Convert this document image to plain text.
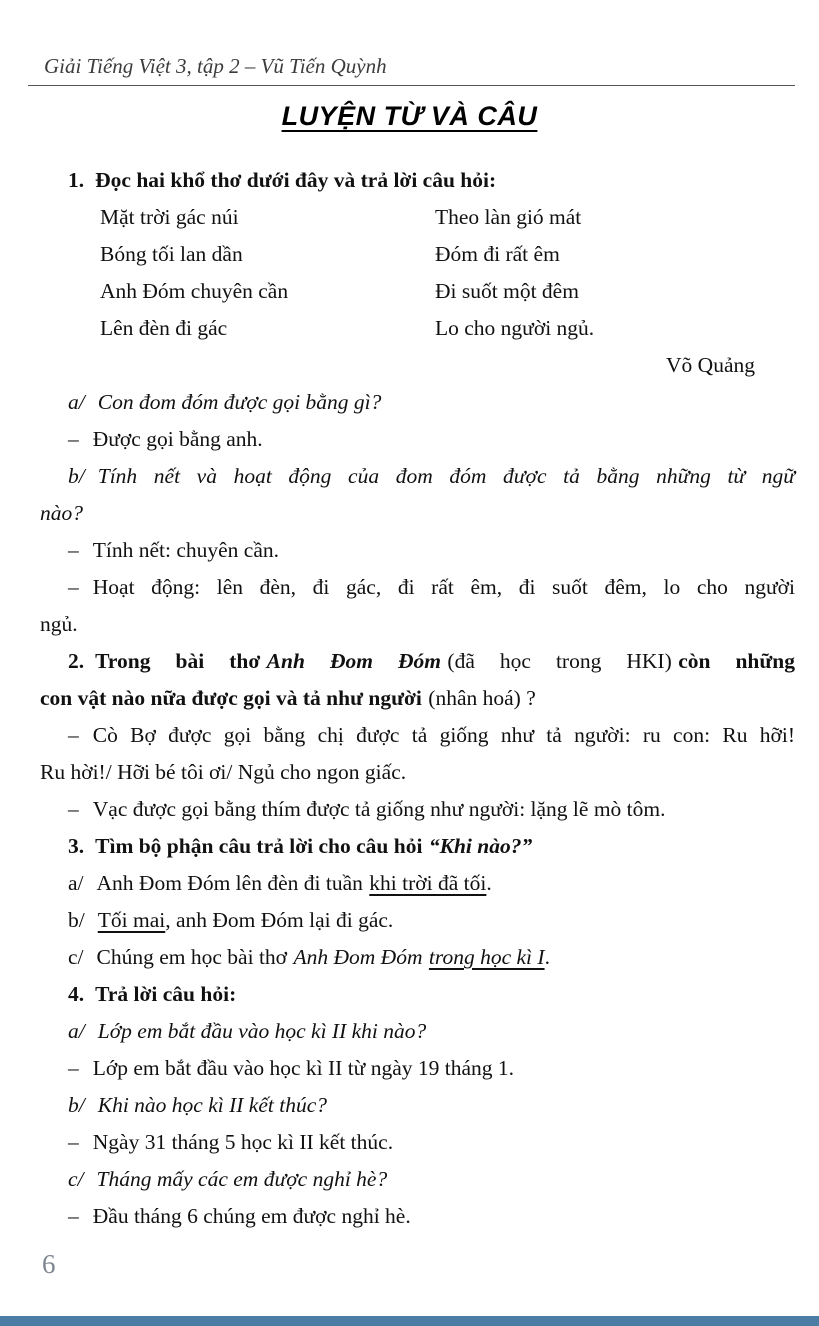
Giải Tiếng Việt 3, tập 2 – Vũ Tiến Quỳnh
LUYỆN TỪ VÀ CÂU

1. Đọc hai khổ thơ dưới đây và trả lời câu hỏi:

Mặt trời gác núi

Bóng tối lan dần

Anh Đóm chuyên cần

Lên đèn đi gác

Theo làn gió mát

Đóm đi rất êm

Đi suốt một đêm

Lo cho người ngủ.

Võ Quảng

a/ Con đom đóm được gọi bằng gì?

– Được gọi bằng anh.

b/ Tính nết và hoạt động của đom đóm được tả bằng những từ ngữ

nào?

– Tính nết: chuyên cần.

– Hoạt động: lên đèn, đi gác, đi rất êm, đi suốt đêm, lo cho người

ngủ.

2. Trong bài thơ Anh Đom Đóm (đã học trong HKI) còn những

con vật nào nữa được gọi và tả như người (nhân hoá) ?

– Cò Bợ được gọi bằng chị được tả giống như tả người: ru con: Ru hỡi!

Ru hời!/ Hỡi bé tôi ơi/ Ngủ cho ngon giấc.

– Vạc được gọi bằng thím được tả giống như người: lặng lẽ mò tôm.

3. Tìm bộ phận câu trả lời cho câu hỏi “Khi nào?”

a/ Anh Đom Đóm lên đèn đi tuần khi trời đã tối.

b/ Tối mai, anh Đom Đóm lại đi gác.

c/ Chúng em học bài thơ Anh Đom Đóm trong học kì I.

4. Trả lời câu hỏi:

a/ Lớp em bắt đầu vào học kì II khi nào?

– Lớp em bắt đầu vào học kì II từ ngày 19 tháng 1.

b/ Khi nào học kì II kết thúc?

– Ngày 31 tháng 5 học kì II kết thúc.

c/ Tháng mấy các em được nghỉ hè?

– Đầu tháng 6 chúng em được nghỉ hè.

6
